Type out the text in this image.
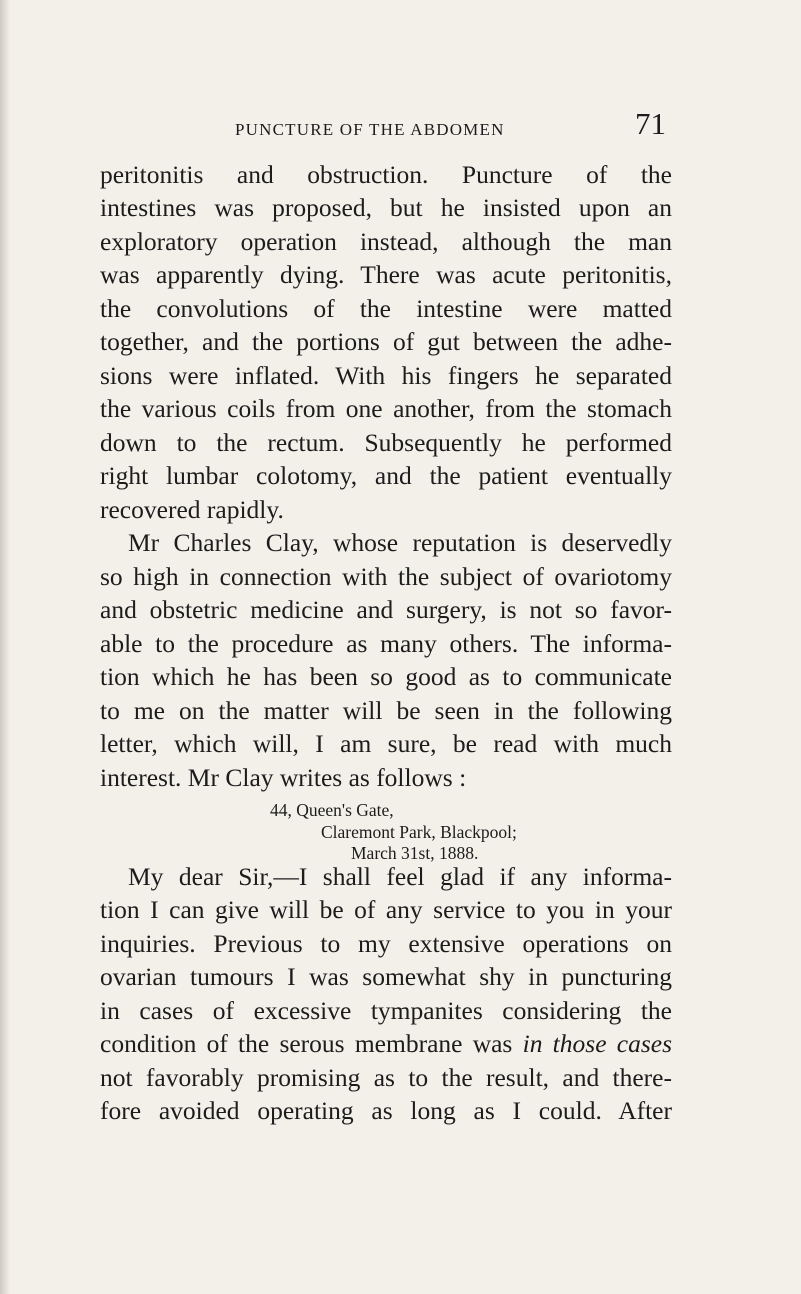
PUNCTURE OF THE ABDOMEN	71
peritonitis and obstruction. Puncture of the
intestines was proposed, but he insisted upon an
exploratory operation instead, although the man
was apparently dying. There was acute peritonitis,
the convolutions of the intestine were matted
together, and the portions of gut between the adhe-
sions were inflated. With his fingers he separated
the various coils from one another, from the stomach
down to the rectum. Subsequently he performed
right lumbar colotomy, and the patient eventually
recovered rapidly.
Mr Charles Clay, whose reputation is deservedly
so high in connection with the subject of ovariotomy
and obstetric medicine and surgery, is not so favor-
able to the procedure as many others. The informa-
tion which he has been so good as to communicate
to me on the matter will be seen in the following
letter, which will, I am sure, be read with much
interest. Mr Clay writes as follows :
44, Queen's Gate,
Claremont Park, Blackpool;
March 31st, 1888.
My dear Sir,—I shall feel glad if any informa-
tion I can give will be of any service to you in your
inquiries. Previous to my extensive operations on
ovarian tumours I was somewhat shy in puncturing
in cases of excessive tympanites considering the
condition of the serous membrane was in those cases
not favorably promising as to the result, and there-
fore avoided operating as long as I could. After
